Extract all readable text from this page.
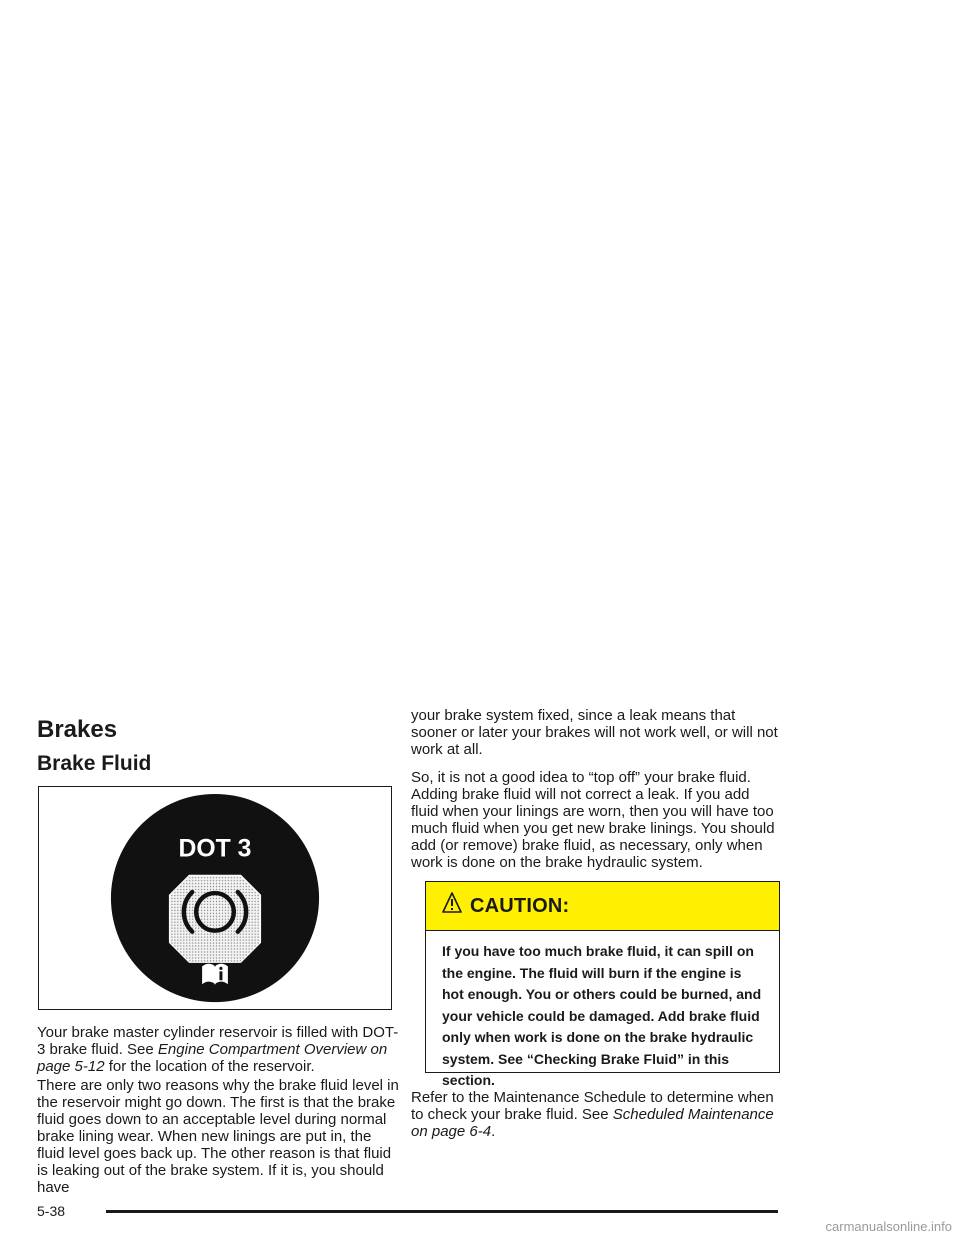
Brakes
Brake Fluid
DOT 3

Your brake master cylinder reservoir is filled with DOT-3 brake fluid. See Engine Compartment Overview on page 5-12 for the location of the reservoir.

There are only two reasons why the brake fluid level in the reservoir might go down. The first is that the brake fluid goes down to an acceptable level during normal brake lining wear. When new linings are put in, the fluid level goes back up. The other reason is that fluid is leaking out of the brake system. If it is, you should have

your brake system fixed, since a leak means that sooner or later your brakes will not work well, or will not work at all.

So, it is not a good idea to “top off” your brake fluid. Adding brake fluid will not correct a leak. If you add fluid when your linings are worn, then you will have too much fluid when you get new brake linings. You should add (or remove) brake fluid, as necessary, only when work is done on the brake hydraulic system.

CAUTION:
If you have too much brake fluid, it can spill on the engine. The fluid will burn if the engine is hot enough. You or others could be burned, and your vehicle could be damaged. Add brake fluid only when work is done on the brake hydraulic system. See “Checking Brake Fluid” in this section.

Refer to the Maintenance Schedule to determine when to check your brake fluid. See Scheduled Maintenance on page 6-4.

5-38
carmanualsonline.info
